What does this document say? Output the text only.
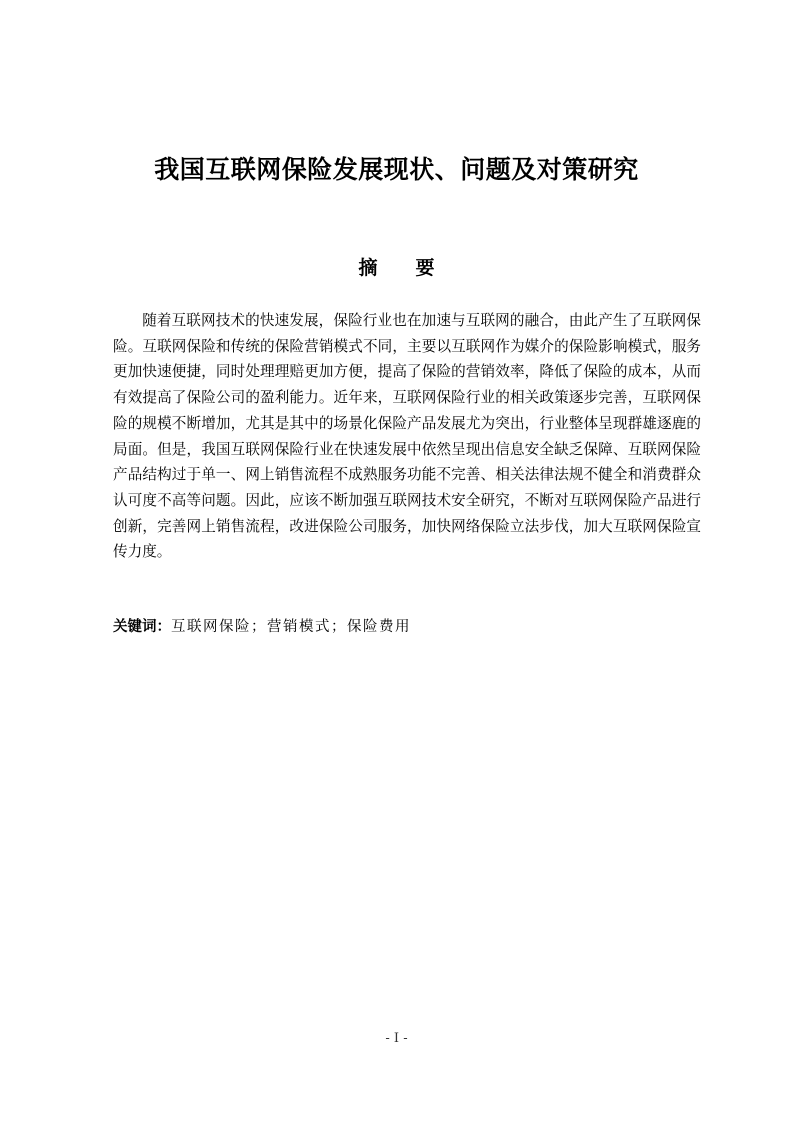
我国互联网保险发展现状、问题及对策研究
摘　　要

随着互联网技术的快速发展，保险行业也在加速与互联网的融合，由此产生了互联网保险。互联网保险和传统的保险营销模式不同，主要以互联网作为媒介的保险影响模式，服务更加快速便捷，同时处理理赔更加方便，提高了保险的营销效率，降低了保险的成本，从而有效提高了保险公司的盈利能力。近年来，互联网保险行业的相关政策逐步完善，互联网保险的规模不断增加，尤其是其中的场景化保险产品发展尤为突出，行业整体呈现群雄逐鹿的局面。但是，我国互联网保险行业在快速发展中依然呈现出信息安全缺乏保障、互联网保险产品结构过于单一、网上销售流程不成熟服务功能不完善、相关法律法规不健全和消费群众认可度不高等问题。因此，应该不断加强互联网技术安全研究，不断对互联网保险产品进行创新，完善网上销售流程，改进保险公司服务，加快网络保险立法步伐，加大互联网保险宣传力度。

关键词：互联网保险；营销模式；保险费用

- I -
